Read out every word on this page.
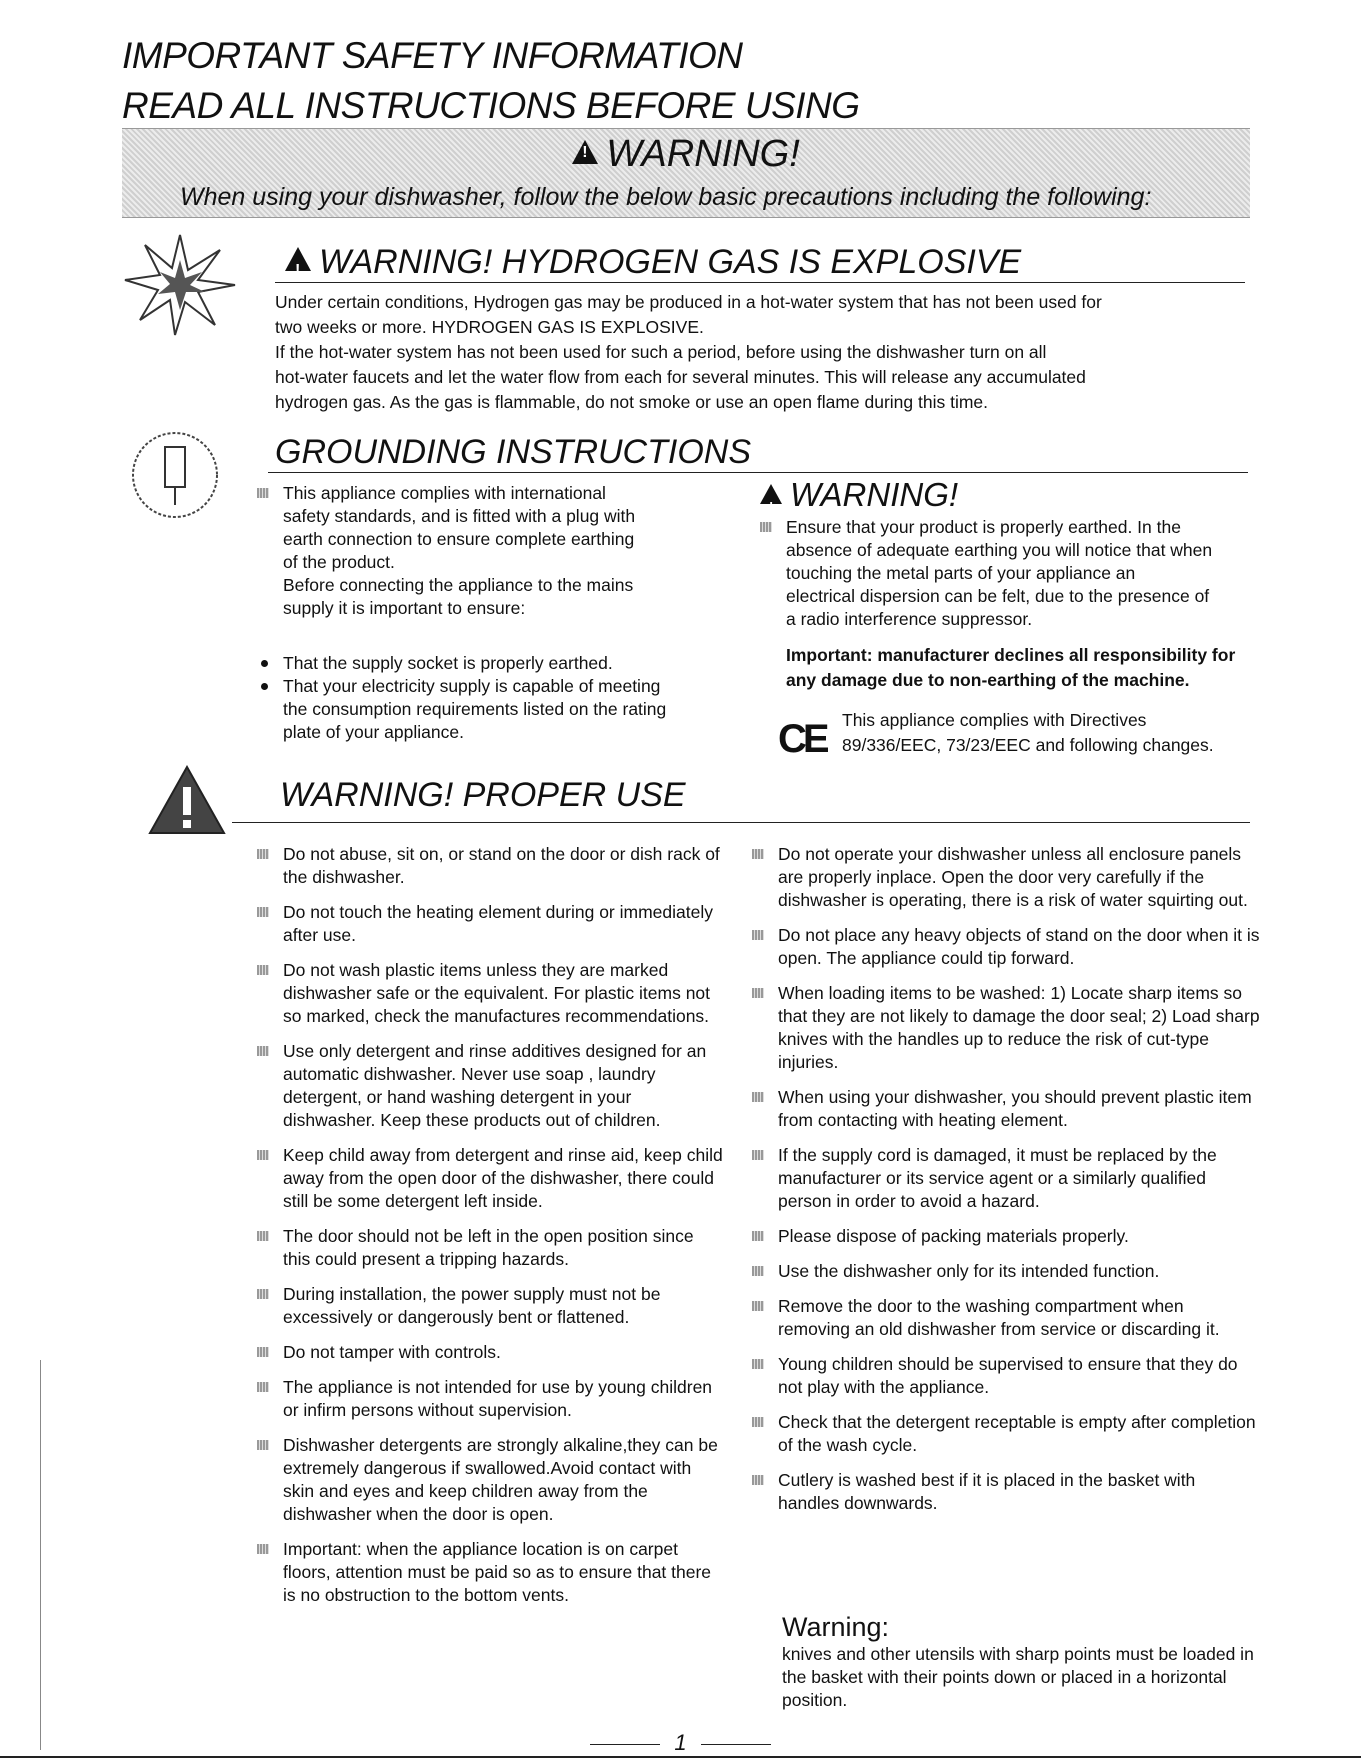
IMPORTANT SAFETY INFORMATION
READ ALL INSTRUCTIONS BEFORE USING
!WARNING!
When using your dishwasher, follow the below basic precautions including the following:
!WARNING! HYDROGEN GAS IS EXPLOSIVE
Under certain conditions, Hydrogen gas may be produced in a hot-water system that has not been used for
two weeks or more. HYDROGEN GAS IS EXPLOSIVE.
If the hot-water system has not been used for such a period, before using the dishwasher turn on all
hot-water faucets and let the water flow from each for several minutes. This will release any accumulated
hydrogen gas. As the gas is flammable, do not smoke or use an open flame during this time.
GROUNDING INSTRUCTIONS
This appliance complies with international
safety standards, and is fitted with a plug with
earth connection to ensure complete earthing
of the product.
Before connecting the appliance to the mains
supply it is important to ensure:
That the supply socket is properly earthed.
That your electricity supply is capable of meeting the consumption requirements listed on the rating plate of your appliance.
!WARNING!
Ensure that your product is properly earthed. In the
absence of adequate earthing you will notice that when
touching the metal parts of your appliance an
electrical dispersion can be felt, due to the presence of
a radio interference suppressor.
Important: manufacturer declines all responsibility for
any damage due to non-earthing of the machine.
CE This appliance complies with Directives
89/336/EEC, 73/23/EEC and following changes.
WARNING! PROPER USE
Do not abuse, sit on, or stand on the door or dish rack of the dishwasher.
Do not touch the heating element during or immediately after use.
Do not wash plastic items unless they are marked dishwasher safe or the equivalent. For plastic items not so marked, check the manufactures recommendations.
Use only detergent and rinse additives designed for an automatic dishwasher. Never use soap , laundry detergent, or hand washing detergent in your dishwasher. Keep these products out of children.
Keep child away from detergent and rinse aid, keep child away from the open door of the dishwasher, there could still be some detergent left inside.
The door should not be left in the open position since this could present a tripping hazards.
During installation, the power supply must not be excessively or dangerously bent or flattened.
Do not tamper with controls.
The appliance is not intended for use by young children or infirm persons without supervision.
Dishwasher detergents are strongly alkaline,they can be extremely dangerous if swallowed.Avoid contact with skin and eyes and keep children away from the dishwasher when the door is open.
Important: when the appliance location is on carpet floors, attention must be paid so as to ensure that there is no obstruction to the bottom vents.
Do not operate your dishwasher unless all enclosure panels are properly inplace. Open the door very carefully if the dishwasher is operating, there is a risk of water squirting out.
Do not place any heavy objects of stand on the door when it is open. The appliance could tip forward.
When loading items to be washed: 1) Locate sharp items so that they are not likely to damage the door seal; 2) Load sharp knives with the handles up to reduce the risk of cut-type injuries.
When using your dishwasher, you should prevent plastic item from contacting with heating element.
If the supply cord is damaged, it must be replaced by the manufacturer or its service agent or a similarly qualified person in order to avoid a hazard.
Please dispose of packing materials properly.
Use the dishwasher only for its intended function.
Remove the door to the washing compartment when removing an old dishwasher from service or discarding it.
Young children should be supervised to ensure that they do not play with the appliance.
Check that the detergent receptable is empty after completion of the wash cycle.
Cutlery is washed best if it is placed in the basket with handles downwards.
Warning:
knives and other utensils with sharp points must be loaded in the basket with their points down or placed in a horizontal position.
1
